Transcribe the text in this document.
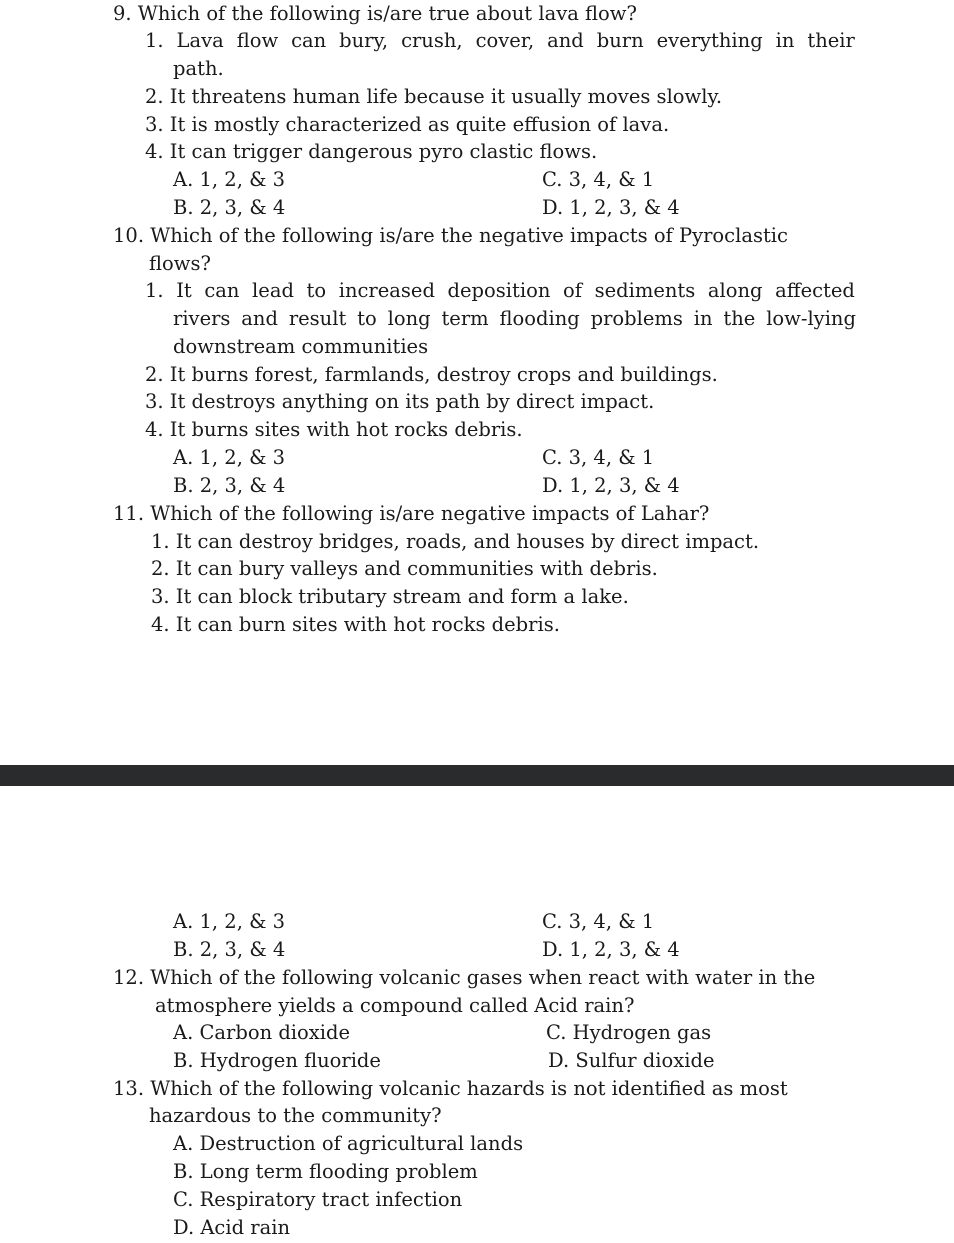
9. Which of the following is/are true about lava flow?
1. Lava flow can bury, crush, cover, and burn everything in their
path.
2. It threatens human life because it usually moves slowly.
3. It is mostly characterized as quite effusion of lava.
4. It can trigger dangerous pyro clastic flows.
A. 1, 2, & 3	C. 3, 4, & 1
B. 2, 3, & 4	D. 1, 2, 3, & 4
10. Which of the following is/are the negative impacts of Pyroclastic
flows?
1. It can lead to increased deposition of sediments along affected
rivers and result to long term flooding problems in the low-lying
downstream communities
2. It burns forest, farmlands, destroy crops and buildings.
3. It destroys anything on its path by direct impact.
4. It burns sites with hot rocks debris.
A. 1, 2, & 3	C. 3, 4, & 1
B. 2, 3, & 4	D. 1, 2, 3, & 4
11. Which of the following is/are negative impacts of Lahar?
1. It can destroy bridges, roads, and houses by direct impact.
2. It can bury valleys and communities with debris.
3. It can block tributary stream and form a lake.
4. It can burn sites with hot rocks debris.
A. 1, 2, & 3	C. 3, 4, & 1
B. 2, 3, & 4	D. 1, 2, 3, & 4
12. Which of the following volcanic gases when react with water in the
atmosphere yields a compound called Acid rain?
A. Carbon dioxide	C. Hydrogen gas
B. Hydrogen fluoride	D. Sulfur dioxide
13. Which of the following volcanic hazards is not identified as most
hazardous to the community?
A. Destruction of agricultural lands
B. Long term flooding problem
C. Respiratory tract infection
D. Acid rain
